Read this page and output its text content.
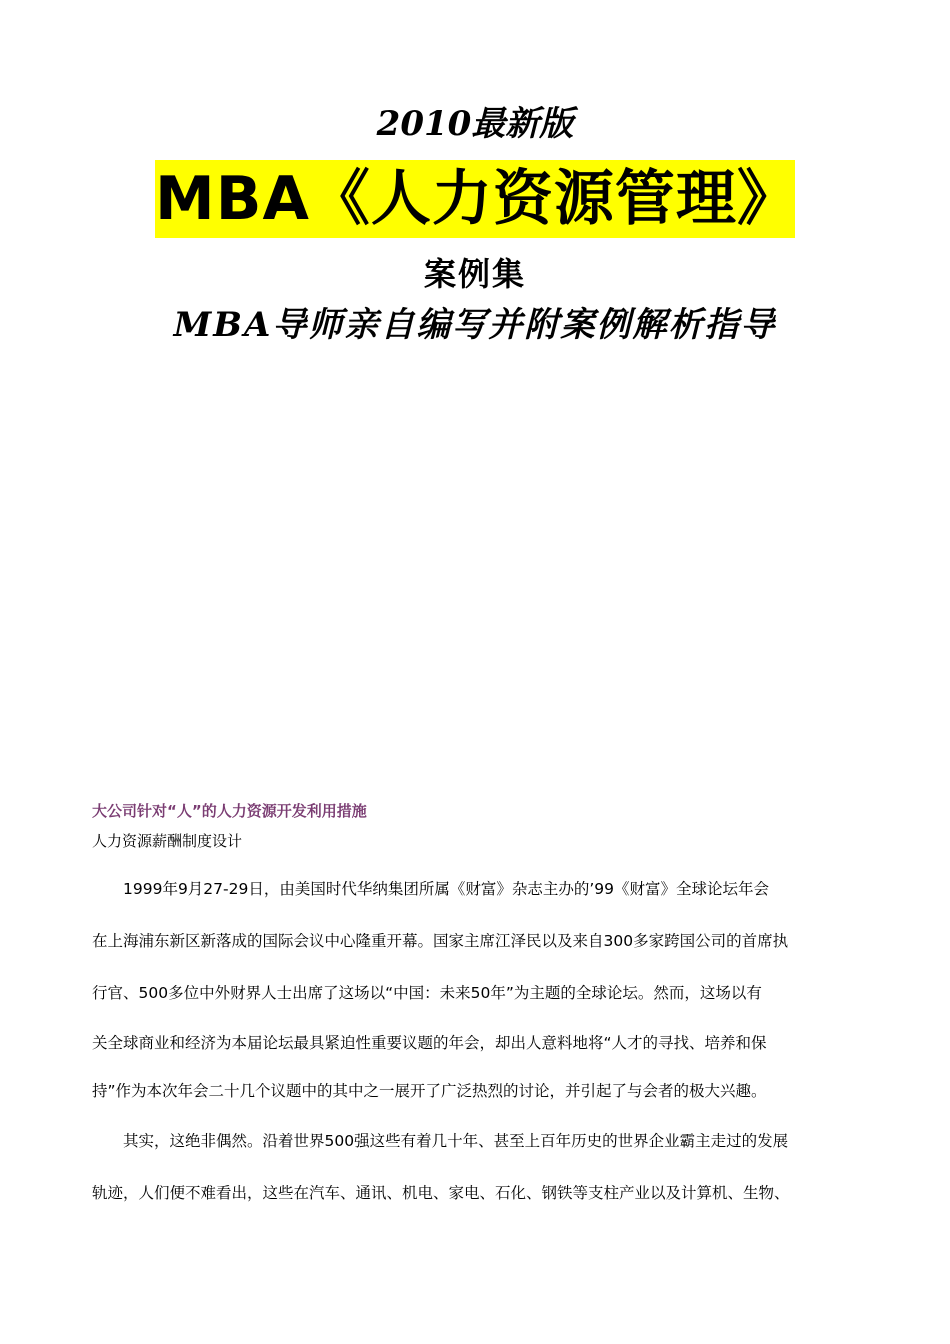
2010最新版
MBA《人力资源管理》
案例集
MBA导师亲自编写并附案例解析指导
大公司针对“人”的人力资源开发利用措施
人力资源薪酬制度设计
　　1999年9月27-29日，由美国时代华纳集团所属《财富》杂志主办的’99《财富》全球论坛年会
在上海浦东新区新落成的国际会议中心隆重开幕。国家主席江泽民以及来自300多家跨国公司的首席执
行官、500多位中外财界人士出席了这场以“中国：未来50年”为主题的全球论坛。然而，这场以有
关全球商业和经济为本届论坛最具紧迫性重要议题的年会，却出人意料地将“人才的寻找、培养和保
持”作为本次年会二十几个议题中的其中之一展开了广泛热烈的讨论，并引起了与会者的极大兴趣。
　　其实，这绝非偶然。沿着世界500强这些有着几十年、甚至上百年历史的世界企业霸主走过的发展
轨迹，人们便不难看出，这些在汽车、通讯、机电、家电、石化、钢铁等支柱产业以及计算机、生物、
